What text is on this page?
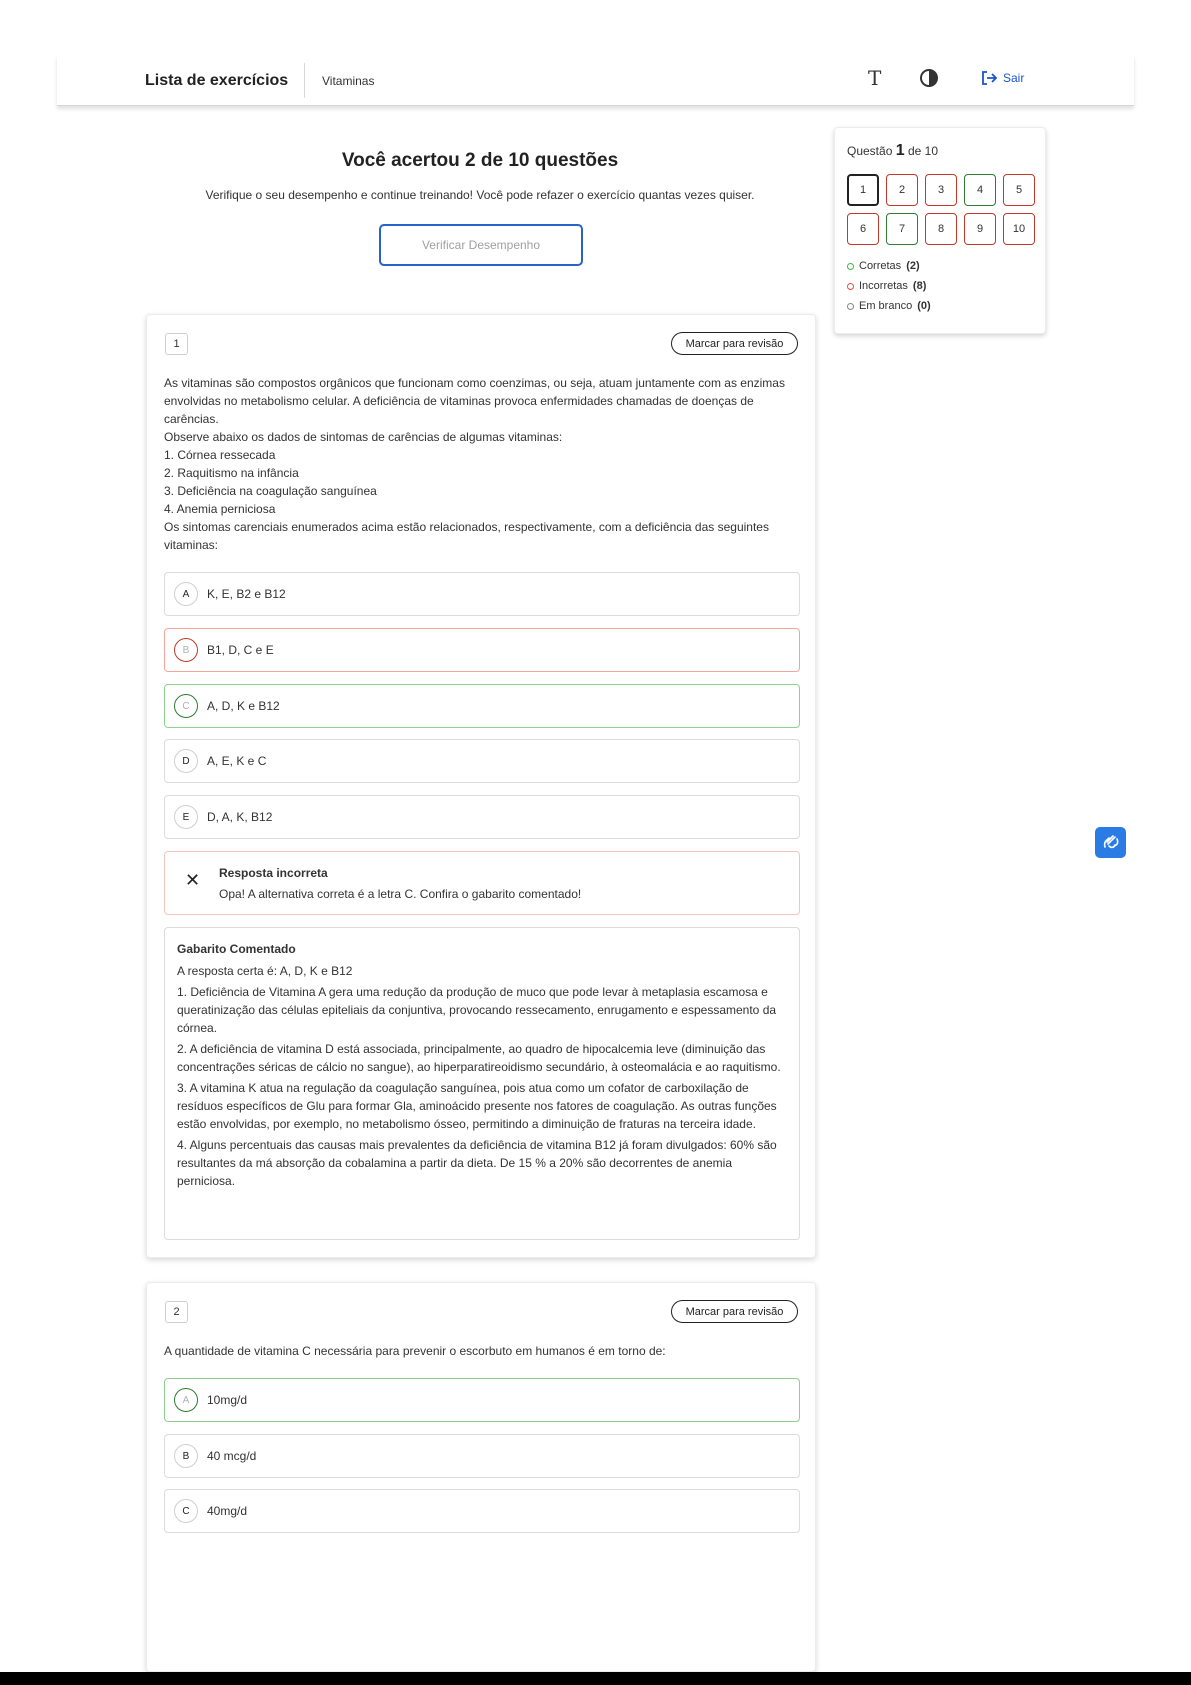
Lista de exercícios	Vitaminas	T	Sair
Você acertou 2 de 10 questões

Verifique o seu desempenho e continue treinando! Você pode refazer o exercício quantas vezes quiser.

Verificar Desempenho
Questão 1 de 10
1	2	3	4	5
6	7	8	9	10
Corretas (2)
Incorretas (8)
Em branco (0)
1	Marcar para revisão
As vitaminas são compostos orgânicos que funcionam como coenzimas, ou seja, atuam juntamente com as enzimas envolvidas no metabolismo celular. A deficiência de vitaminas provoca enfermidades chamadas de doenças de carências.
Observe abaixo os dados de sintomas de carências de algumas vitaminas:
1. Córnea ressecada
2. Raquitismo na infância
3. Deficiência na coagulação sanguínea
4. Anemia perniciosa
Os sintomas carenciais enumerados acima estão relacionados, respectivamente, com a deficiência das seguintes vitaminas:
A	K, E, B2 e B12
B	B1, D, C e E
C	A, D, K e B12
D	A, E, K e C
E	D, A, K, B12
✕ Resposta incorreta
Opa! A alternativa correta é a letra C. Confira o gabarito comentado!
Gabarito Comentado
A resposta certa é: A, D, K e B12
1. Deficiência de Vitamina A gera uma redução da produção de muco que pode levar à metaplasia escamosa e queratinização das células epiteliais da conjuntiva, provocando ressecamento, enrugamento e espessamento da córnea.
2. A deficiência de vitamina D está associada, principalmente, ao quadro de hipocalcemia leve (diminuição das concentrações séricas de cálcio no sangue), ao hiperparatireoidismo secundário, à osteomalácia e ao raquitismo.
3. A vitamina K atua na regulação da coagulação sanguínea, pois atua como um cofator de carboxilação de resíduos específicos de Glu para formar Gla, aminoácido presente nos fatores de coagulação. As outras funções estão envolvidas, por exemplo, no metabolismo ósseo, permitindo a diminuição de fraturas na terceira idade.
4. Alguns percentuais das causas mais prevalentes da deficiência de vitamina B12 já foram divulgados: 60% são resultantes da má absorção da cobalamina a partir da dieta. De 15 % a 20% são decorrentes de anemia perniciosa.
2	Marcar para revisão
A quantidade de vitamina C necessária para prevenir o escorbuto em humanos é em torno de:
A	10mg/d
B	40 mcg/d
C	40mg/d
